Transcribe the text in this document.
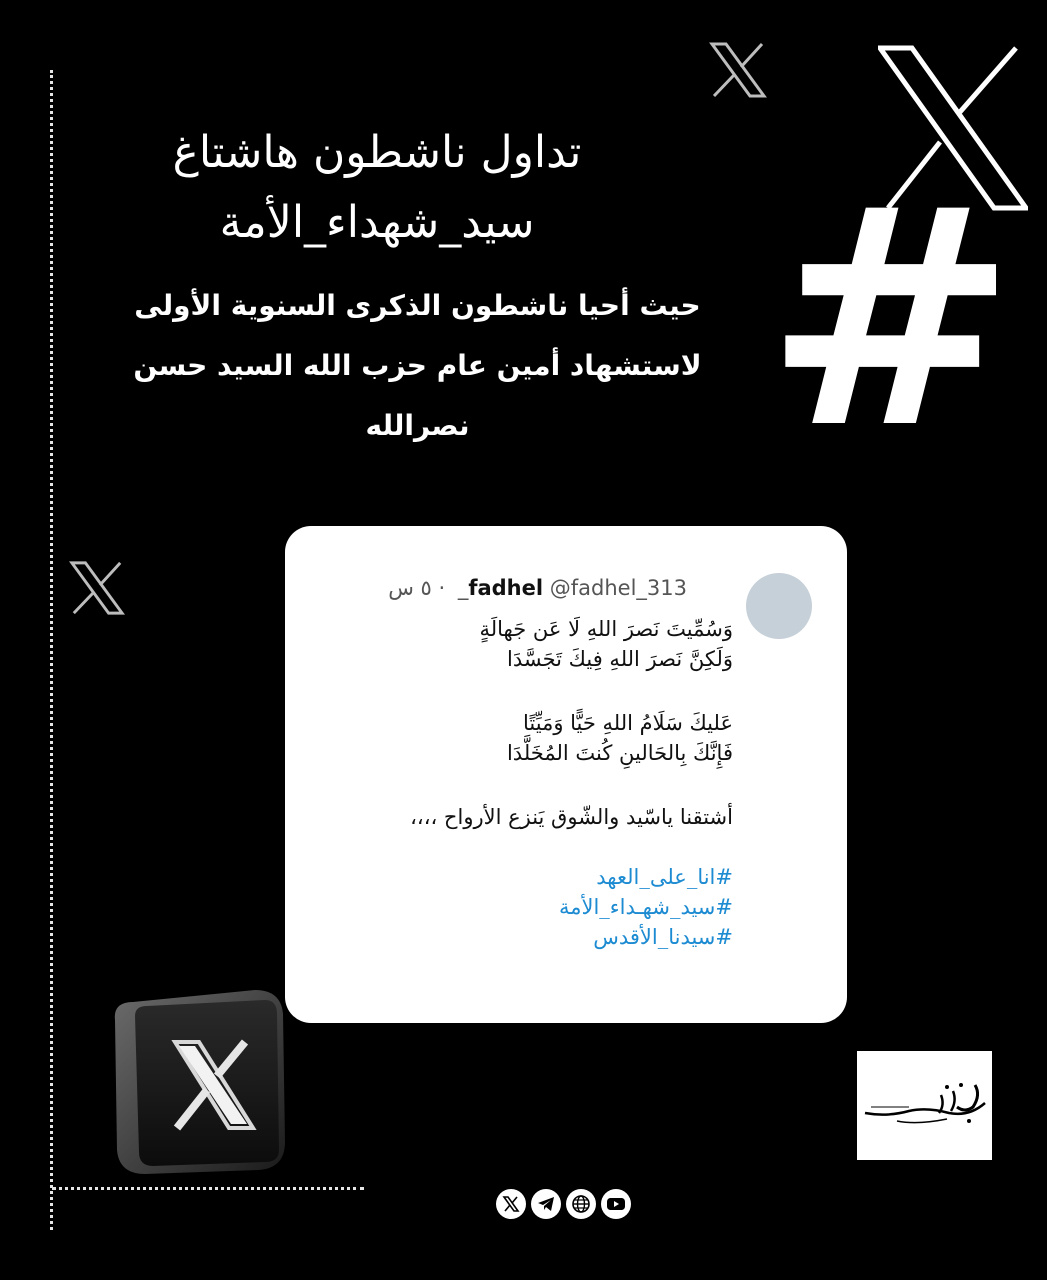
#
تداول ناشطون هاشتاغ
سيد_شهداء_الأمة
حيث أحيا ناشطون الذكرى السنوية الأولى
لاستشهاد أمين عام حزب الله السيد حسن
نصرالله
fadhel @fadhel_313_ · ٥ س

وَسُمِّيتَ نَصرَ اللهِ لَا عَن جَهالَةٍ

وَلَكِنَّ نَصرَ اللهِ فِيكَ تَجَسَّدَا

عَليكَ سَلَامُ اللهِ حَيًّا وَمَيِّتًا

فَإِنَّكَ بِالحَالينِ كُنتَ المُخَلَّدَا

أشتقنا ياسّيد والشّوق يَنزع الأرواح ،،،،

#انا_على_العهد

#سيد_شهـداء_الأمة

#سيدنا_الأقدس
